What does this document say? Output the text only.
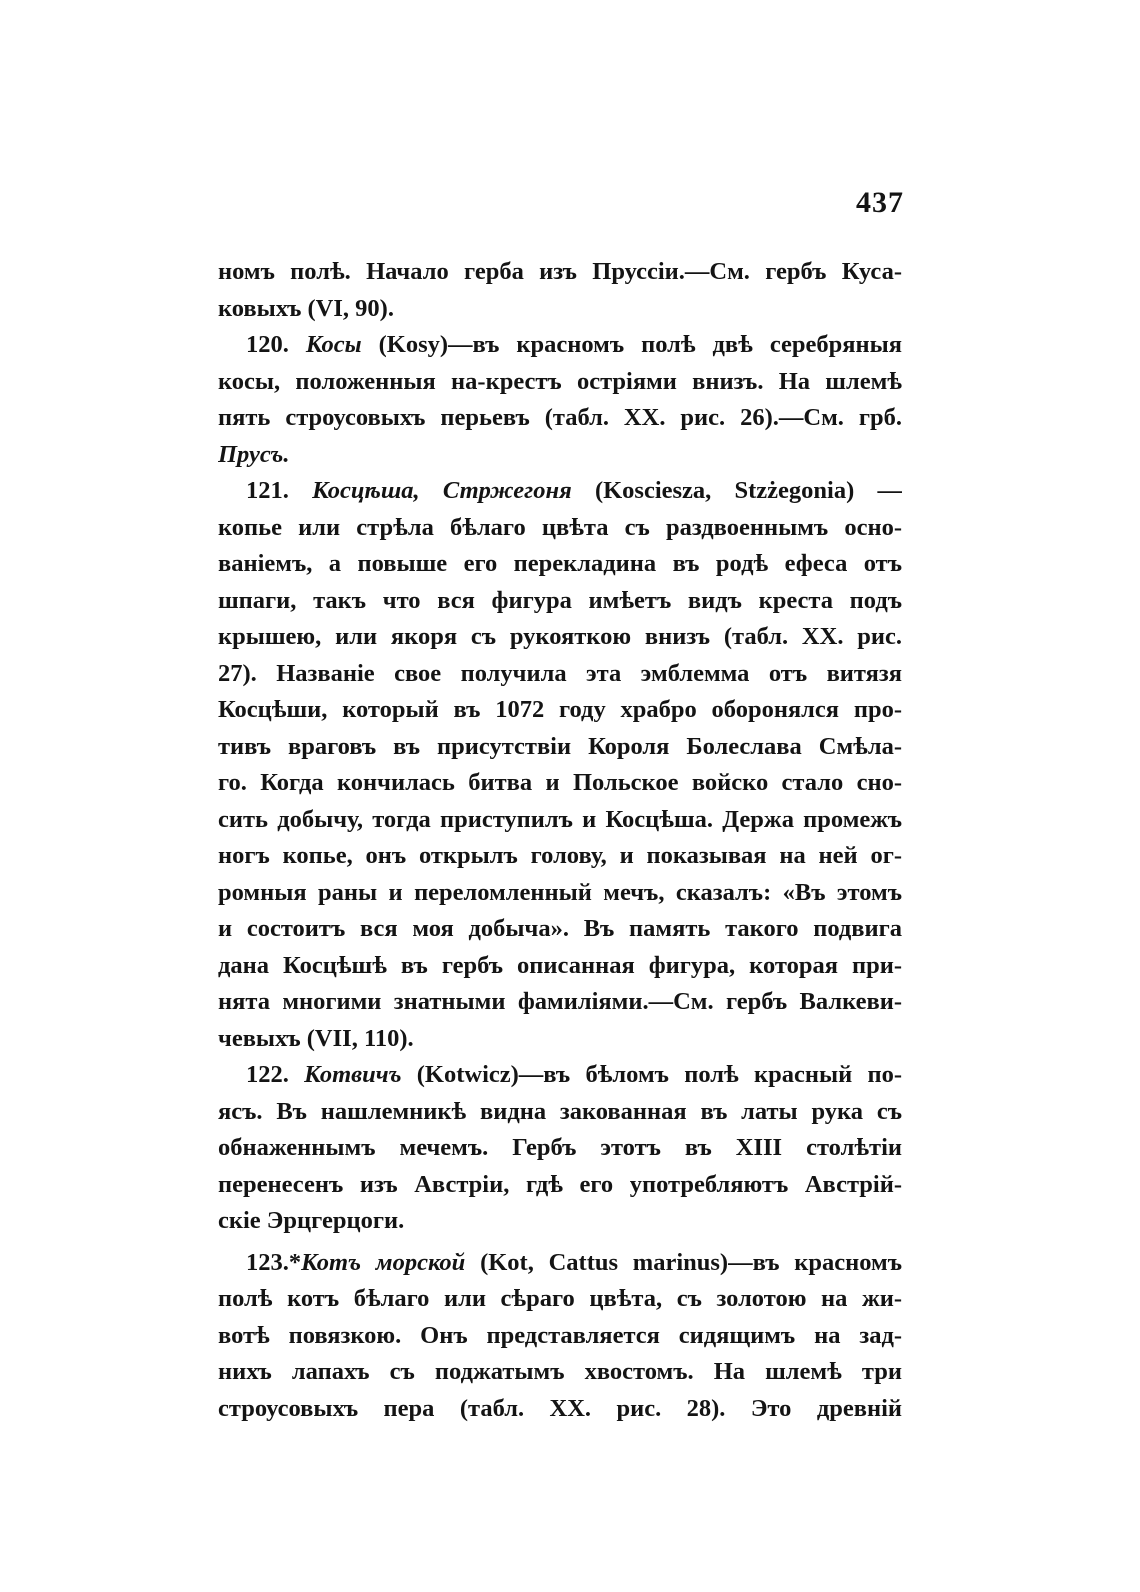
437
номъ полѣ. Начало герба изъ Пруссіи.—См. гербъ Куса-
ковыхъ (VI, 90).
120. Косы (Kosy)—въ красномъ полѣ двѣ серебряныя
косы, положенныя на-крестъ остріями внизъ. На шлемѣ
пять строусовыхъ перьевъ (табл. XX. рис. 26).—См. грб.
Прусъ.
121. Косцѣша, Стржегоня (Kosciesza, Stzżegonia) —
копье или стрѣла бѣлаго цвѣта съ раздвоеннымъ осно-
ваніемъ, а повыше его перекладина въ родѣ ефеса отъ
шпаги, такъ что вся фигура имѣетъ видъ креста подъ
крышею, или якоря съ рукояткою внизъ (табл. XX. рис.
27). Названіе свое получила эта эмблемма отъ витязя
Косцѣши, который въ 1072 году храбро оборонялся про-
тивъ враговъ въ присутствіи Короля Болеслава Смѣла-
го. Когда кончилась битва и Польское войско стало сно-
сить добычу, тогда приступилъ и Косцѣша. Держа промежъ
ногъ копье, онъ открылъ голову, и показывая на ней ог-
ромныя раны и переломленный мечъ, сказалъ: «Въ этомъ
и состоитъ вся моя добыча». Въ память такого подвига
дана Косцѣшѣ въ гербъ описанная фигура, которая при-
нята многими знатными фамиліями.—См. гербъ Валкеви-
чевыхъ (VII, 110).
122. Котвичъ (Kotwicz)—въ бѣломъ полѣ красный по-
ясъ. Въ нашлемникѣ видна закованная въ латы рука съ
обнаженнымъ мечемъ. Гербъ этотъ въ XIII столѣтіи
перенесенъ изъ Австріи, гдѣ его употребляютъ Австрій-
скіе Эрцгерцоги.
123.*Котъ морской (Kot, Cattus marinus)—въ красномъ
полѣ котъ бѣлаго или сѣраго цвѣта, съ золотою на жи-
вотѣ повязкою. Онъ представляется сидящимъ на зад-
нихъ лапахъ съ поджатымъ хвостомъ. На шлемѣ три
строусовыхъ пера (табл. XX. рис. 28). Это древній
